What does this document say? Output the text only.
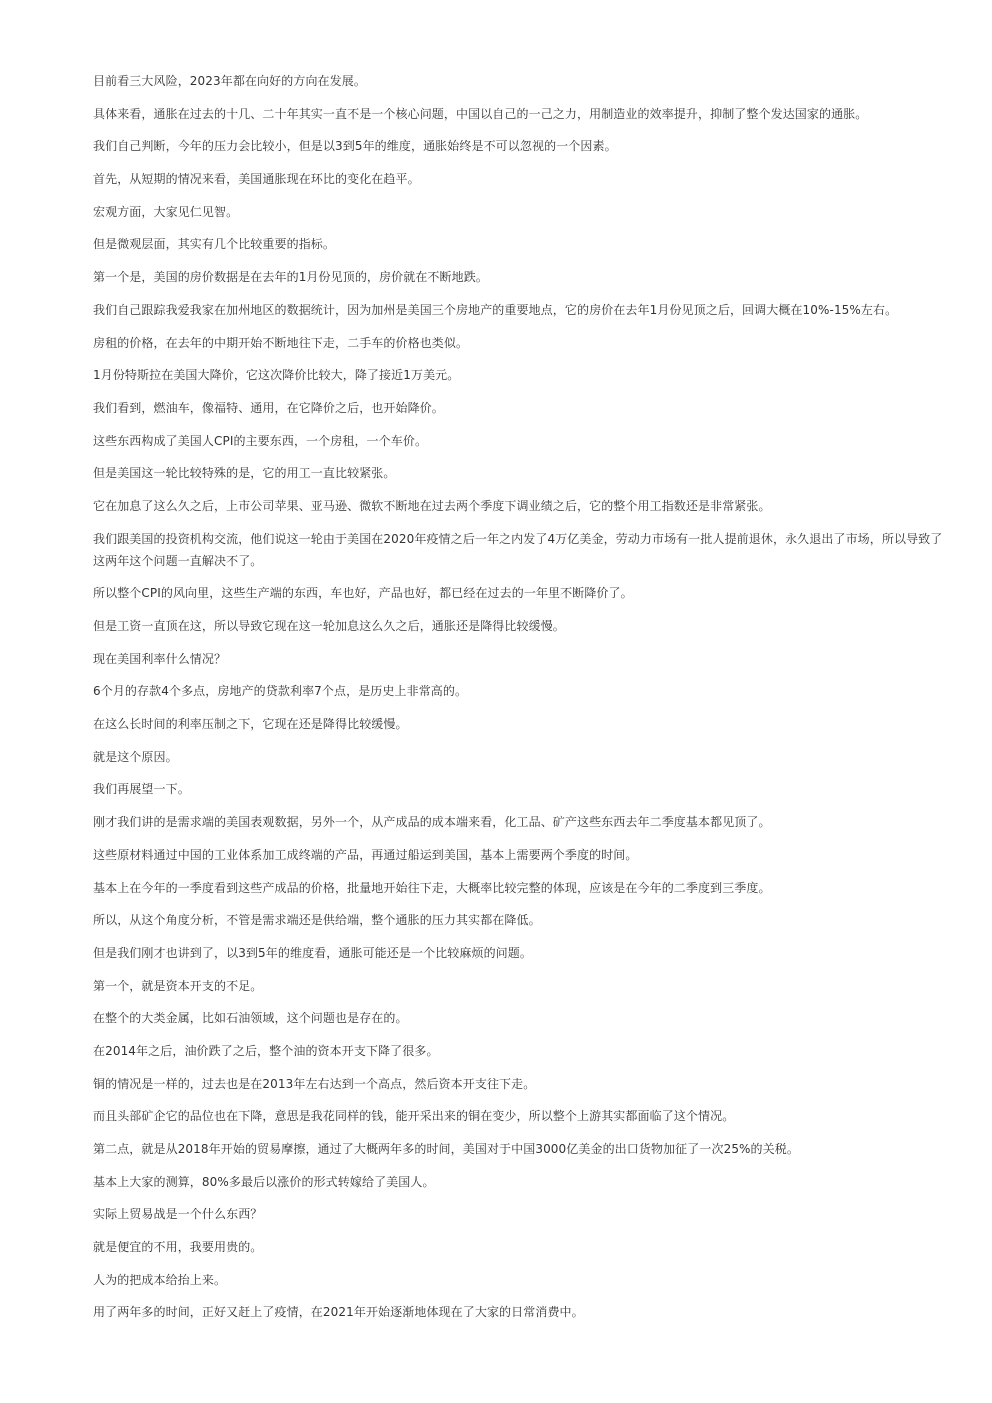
目前看三大风险，2023年都在向好的方向在发展。

具体来看，通胀在过去的十几、二十年其实一直不是一个核心问题，中国以自己的一己之力，用制造业的效率提升，抑制了整个发达国家的通胀。

我们自己判断，今年的压力会比较小，但是以3到5年的维度，通胀始终是不可以忽视的一个因素。

首先，从短期的情况来看，美国通胀现在环比的变化在趋平。

宏观方面，大家见仁见智。

但是微观层面，其实有几个比较重要的指标。

第一个是，美国的房价数据是在去年的1月份见顶的，房价就在不断地跌。

我们自己跟踪我爱我家在加州地区的数据统计，因为加州是美国三个房地产的重要地点，它的房价在去年1月份见顶之后，回调大概在10%-15%左右。

房租的价格，在去年的中期开始不断地往下走，二手车的价格也类似。

1月份特斯拉在美国大降价，它这次降价比较大，降了接近1万美元。

我们看到，燃油车，像福特、通用，在它降价之后，也开始降价。

这些东西构成了美国人CPI的主要东西，一个房租，一个车价。

但是美国这一轮比较特殊的是，它的用工一直比较紧张。

它在加息了这么久之后，上市公司苹果、亚马逊、微软不断地在过去两个季度下调业绩之后，它的整个用工指数还是非常紧张。

我们跟美国的投资机构交流，他们说这一轮由于美国在2020年疫情之后一年之内发了4万亿美金，劳动力市场有一批人提前退休，永久退出了市场，所以导致了这两年这个问题一直解决不了。

所以整个CPI的风向里，这些生产端的东西，车也好，产品也好，都已经在过去的一年里不断降价了。

但是工资一直顶在这，所以导致它现在这一轮加息这么久之后，通胀还是降得比较缓慢。

现在美国利率什么情况？

6个月的存款4个多点，房地产的贷款利率7个点，是历史上非常高的。

在这么长时间的利率压制之下，它现在还是降得比较缓慢。

就是这个原因。

我们再展望一下。

刚才我们讲的是需求端的美国表观数据，另外一个，从产成品的成本端来看，化工品、矿产这些东西去年二季度基本都见顶了。

这些原材料通过中国的工业体系加工成终端的产品，再通过船运到美国，基本上需要两个季度的时间。

基本上在今年的一季度看到这些产成品的价格，批量地开始往下走，大概率比较完整的体现，应该是在今年的二季度到三季度。

所以，从这个角度分析，不管是需求端还是供给端，整个通胀的压力其实都在降低。

但是我们刚才也讲到了，以3到5年的维度看，通胀可能还是一个比较麻烦的问题。

第一个，就是资本开支的不足。

在整个的大类金属，比如石油领域，这个问题也是存在的。

在2014年之后，油价跌了之后，整个油的资本开支下降了很多。

铜的情况是一样的，过去也是在2013年左右达到一个高点，然后资本开支往下走。

而且头部矿企它的品位也在下降，意思是我花同样的钱，能开采出来的铜在变少，所以整个上游其实都面临了这个情况。

第二点，就是从2018年开始的贸易摩擦，通过了大概两年多的时间，美国对于中国3000亿美金的出口货物加征了一次25%的关税。

基本上大家的测算，80%多最后以涨价的形式转嫁给了美国人。

实际上贸易战是一个什么东西？

就是便宜的不用，我要用贵的。

人为的把成本给抬上来。

用了两年多的时间，正好又赶上了疫情，在2021年开始逐渐地体现在了大家的日常消费中。
